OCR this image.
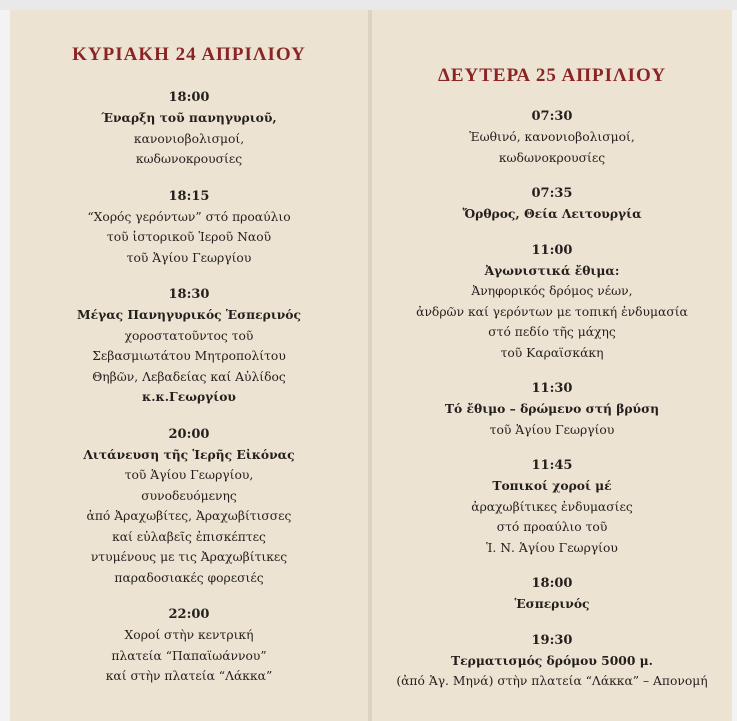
ΚΥΡΙΑΚΗ 24 ΑΠΡΙΛΙΟΥ
18:00
Έναρξη τοῦ πανηγυριοῦ,
κανονιοβολισμοί,
κωδωνοκρουσίες
18:15
“Χορός γερόντων” στό προαύλιο
τοῦ ἱστορικοῦ Ἱεροῦ Ναοῦ
τοῦ Ἁγίου Γεωργίου
18:30
Μέγας Πανηγυρικός Ἑσπερινός
χοροστατοῦντος τοῦ
Σεβασμιωτάτου Μητροπολίτου
Θηβῶν, Λεβαδείας καί Αὐλίδος
κ.κ.Γεωργίου
20:00
Λιτάνευση τῆς Ἱερῆς Εἰκόνας
τοῦ Ἁγίου Γεωργίου,
συνοδευόμενης
ἀπό Ἀραχωβίτες, Ἀραχωβίτισσες
καί εὐλαβεῖς ἐπισκέπτες
ντυμένους με τις Ἀραχωβίτικες
παραδοσιακές φορεσιές
22:00
Χοροί στὴν κεντρική
πλατεία “Παπαϊωάννου”
καί στὴν πλατεία “Λάκκα”
ΔΕΥΤΕΡΑ 25 ΑΠΡΙΛΙΟΥ
07:30
Ἑωθινό, κανονιοβολισμοί,
κωδωνοκρουσίες
07:35
Ὄρθρος, Θεία Λειτουργία
11:00
Ἀγωνιστικά ἔθιμα:
Ἀνηφορικός δρόμος νέων,
ἀνδρῶν καί γερόντων με τοπική ἐνδυμασία
στό πεδίο τῆς μάχης
τοῦ Καραϊσκάκη
11:30
Τό ἔθιμο – δρώμενο στή βρύση
τοῦ Ἁγίου Γεωργίου
11:45
Τοπικοί χοροί μέ
ἀραχωβίτικες ἐνδυμασίες
στό προαύλιο τοῦ
Ἱ. Ν. Ἁγίου Γεωργίου
18:00
Ἑσπερινός
19:30
Τερματισμός δρόμου 5000 μ.
(ἀπό Ἁγ. Μηνά) στὴν πλατεία “Λάκκα” – Απονομή
